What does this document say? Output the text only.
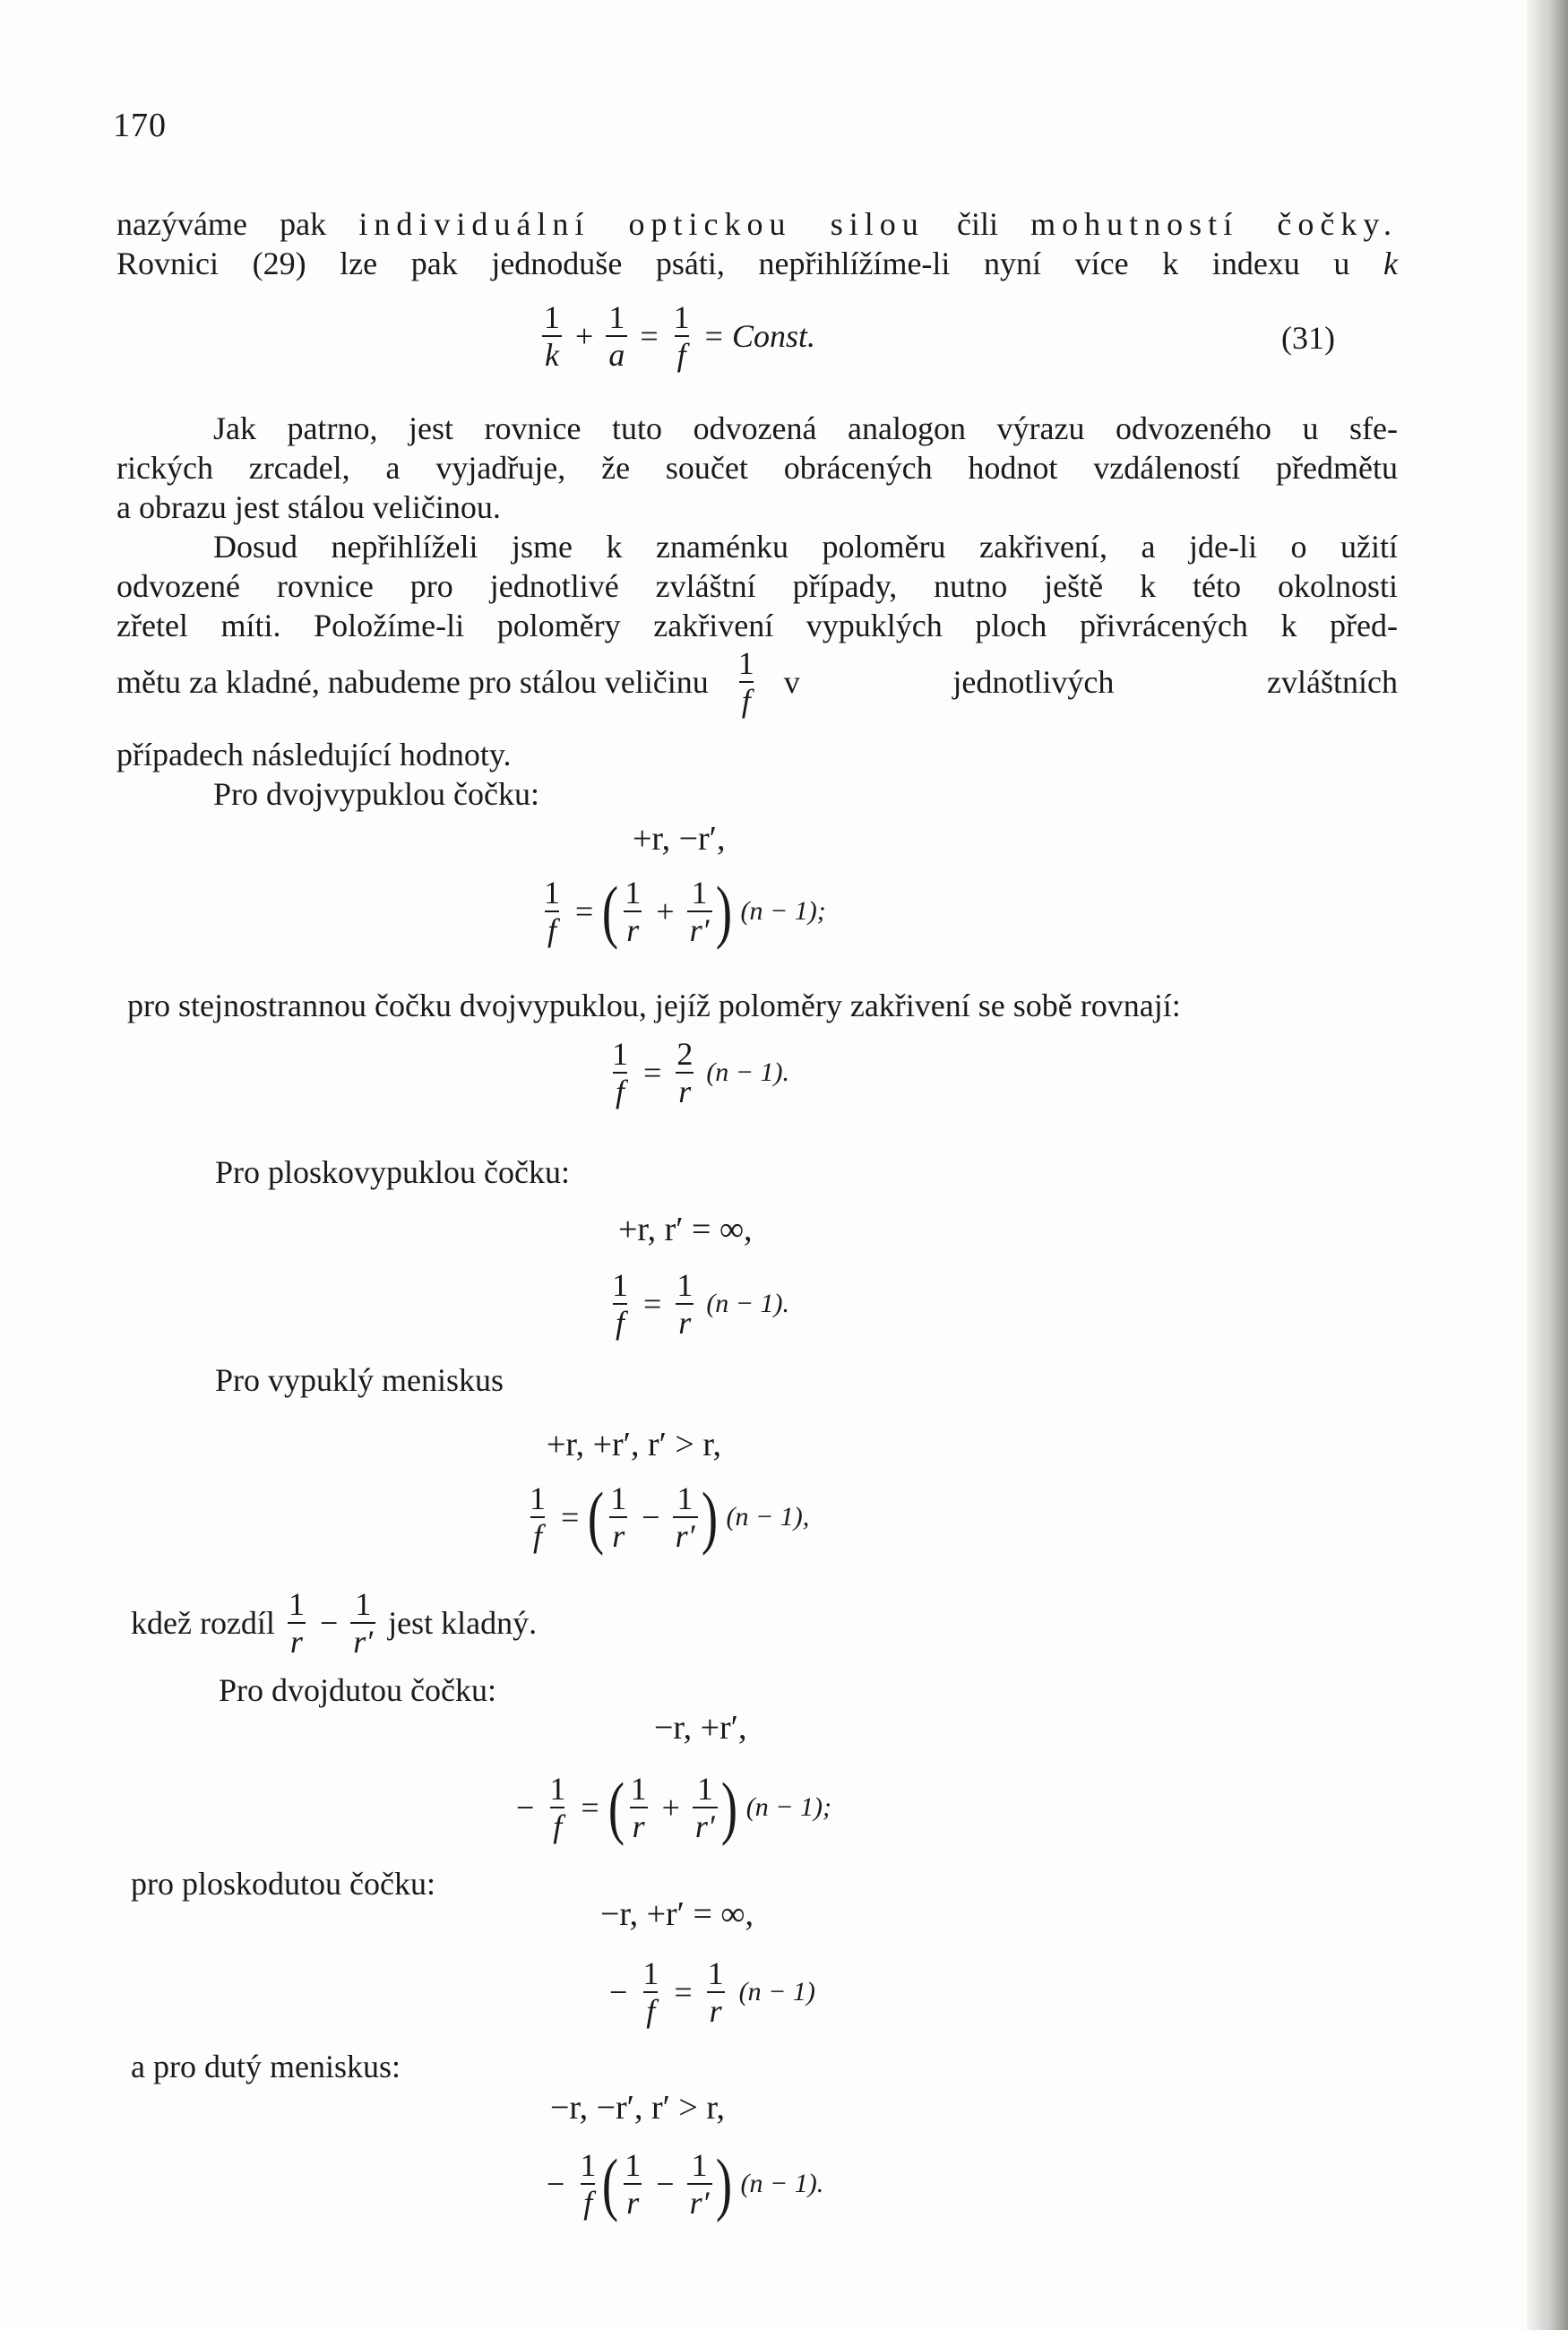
170
nazýváme pak individuální optickou silou čili mohutností čočky.
Rovnici (29) lze pak jednoduše psáti, nepřihlížíme-li nyní více k indexu u k
$\frac{1}{k} + \frac{1}{a} = \frac{1}{f}$ = Const.	(31)
Jak patrno, jest rovnice tuto odvozená analogon výrazu odvozeného u sfe-
rických zrcadel, a vyjadřuje, že součet obrácených hodnot vzdáleností předmětu
a obrazu jest stálou veličinou.
Dosud nepřihlíželi jsme k znaménku poloměru zakřivení, a jde-li o užití
odvozené rovnice pro jednotlivé zvláštní případy, nutno ještě k této okolnosti
zřetel míti. Položíme-li poloměry zakřivení vypuklých ploch přivrácených k před-
mětu za kladné, nabudeme pro stálou veličinu $\frac{1}{f}$ v jednotlivých zvláštních
případech následující hodnoty.
Pro dvojvypuklou čočku:
+r, −r′,
$\frac{1}{f}$ = ( $\frac{1}{r} + \frac{1}{r'}$ ) (n − 1);
pro stejnostrannou čočku dvojvypuklou, jejíž poloměry zakřivení se sobě rovnají:
$\frac{1}{f} = \frac{2}{r} (n - 1)$.
Pro ploskovypuklou čočku:
+r, r′ = ∞,
$\frac{1}{f} = \frac{1}{r} (n - 1)$.
Pro vypuklý meniskus
+r, +r′, r′ > r,
$\frac{1}{f}$ = ( $\frac{1}{r} - \frac{1}{r'}$ ) (n − 1),
kdež rozdíl $\frac{1}{r} - \frac{1}{r'}$ jest kladný.
Pro dvojdutou čočku:
−r, +r′,
− $\frac{1}{f}$ = ( $\frac{1}{r} + \frac{1}{r'}$ ) (n − 1);
pro ploskodutou čočku:
−r, +r′ = ∞,
− $\frac{1}{f} = \frac{1}{r} (n - 1)$
a pro dutý meniskus:
−r, −r′, r′ > r,
− $\frac{1}{f}$ ( $\frac{1}{r} - \frac{1}{r'}$ ) (n − 1).
